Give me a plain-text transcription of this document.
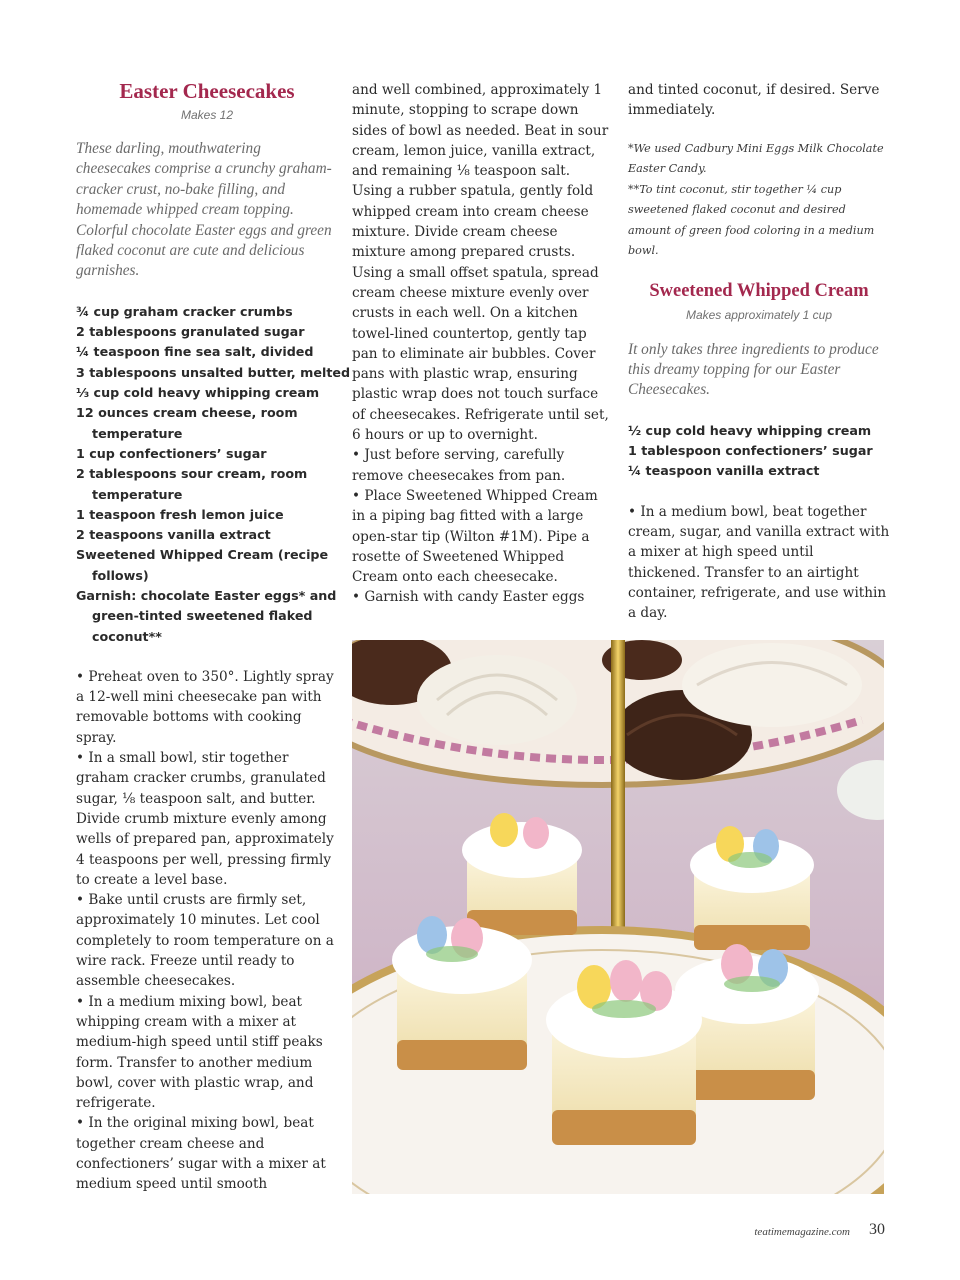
Easter Cheesecakes

Makes 12

These darling, mouthwatering cheesecakes comprise a crunchy graham-cracker crust, no-bake filling, and homemade whipped cream topping. Colorful chocolate Easter eggs and green flaked coconut are cute and delicious garnishes.

¾ cup graham cracker crumbs
2 tablespoons granulated sugar
¼ teaspoon fine sea salt, divided
3 tablespoons unsalted butter, melted
⅓ cup cold heavy whipping cream
12 ounces cream cheese, room temperature
1 cup confectioners’ sugar
2 tablespoons sour cream, room temperature
1 teaspoon fresh lemon juice
2 teaspoons vanilla extract
Sweetened Whipped Cream (recipe follows)
Garnish: chocolate Easter eggs* and green-tinted sweetened flaked coconut**

• Preheat oven to 350°. Lightly spray a 12-well mini cheesecake pan with removable bottoms with cooking spray.

• In a small bowl, stir together graham cracker crumbs, granulated sugar, ⅛ teaspoon salt, and butter. Divide crumb mixture evenly among wells of prepared pan, approximately 4 teaspoons per well, pressing firmly to create a level base.

• Bake until crusts are firmly set, approximately 10 minutes. Let cool completely to room temperature on a wire rack. Freeze until ready to assemble cheesecakes.

• In a medium mixing bowl, beat whipping cream with a mixer at medium-high speed until stiff peaks form. Transfer to another medium bowl, cover with plastic wrap, and refrigerate.

• In the original mixing bowl, beat together cream cheese and confectioners’ sugar with a mixer at medium speed until smooth

and well combined, approximately 1 minute, stopping to scrape down sides of bowl as needed. Beat in sour cream, lemon juice, vanilla extract, and remaining ⅛ teaspoon salt. Using a rubber spatula, gently fold whipped cream into cream cheese mixture. Divide cream cheese mixture among prepared crusts. Using a small offset spatula, spread cream cheese mixture evenly over crusts in each well. On a kitchen towel-lined countertop, gently tap pan to eliminate air bubbles. Cover pans with plastic wrap, ensuring plastic wrap does not touch surface of cheesecakes. Refrigerate until set, 6 hours or up to overnight.

• Just before serving, carefully remove cheesecakes from pan.

• Place Sweetened Whipped Cream in a piping bag fitted with a large open-star tip (Wilton #1M). Pipe a rosette of Sweetened Whipped Cream onto each cheesecake.

• Garnish with candy Easter eggs

and tinted coconut, if desired. Serve immediately.

*We used Cadbury Mini Eggs Milk Chocolate Easter Candy.

**To tint coconut, stir together ¼ cup sweetened flaked coconut and desired amount of green food coloring in a medium bowl.

Sweetened Whipped Cream

Makes approximately 1 cup

It only takes three ingredients to produce this dreamy topping for our Easter Cheesecakes.

½ cup cold heavy whipping cream
1 tablespoon confectioners’ sugar
¼ teaspoon vanilla extract

• In a medium bowl, beat together cream, sugar, and vanilla extract with a mixer at high speed until thickened. Transfer to an airtight container, refrigerate, and use within a day.

teatimemagazine.com 30
